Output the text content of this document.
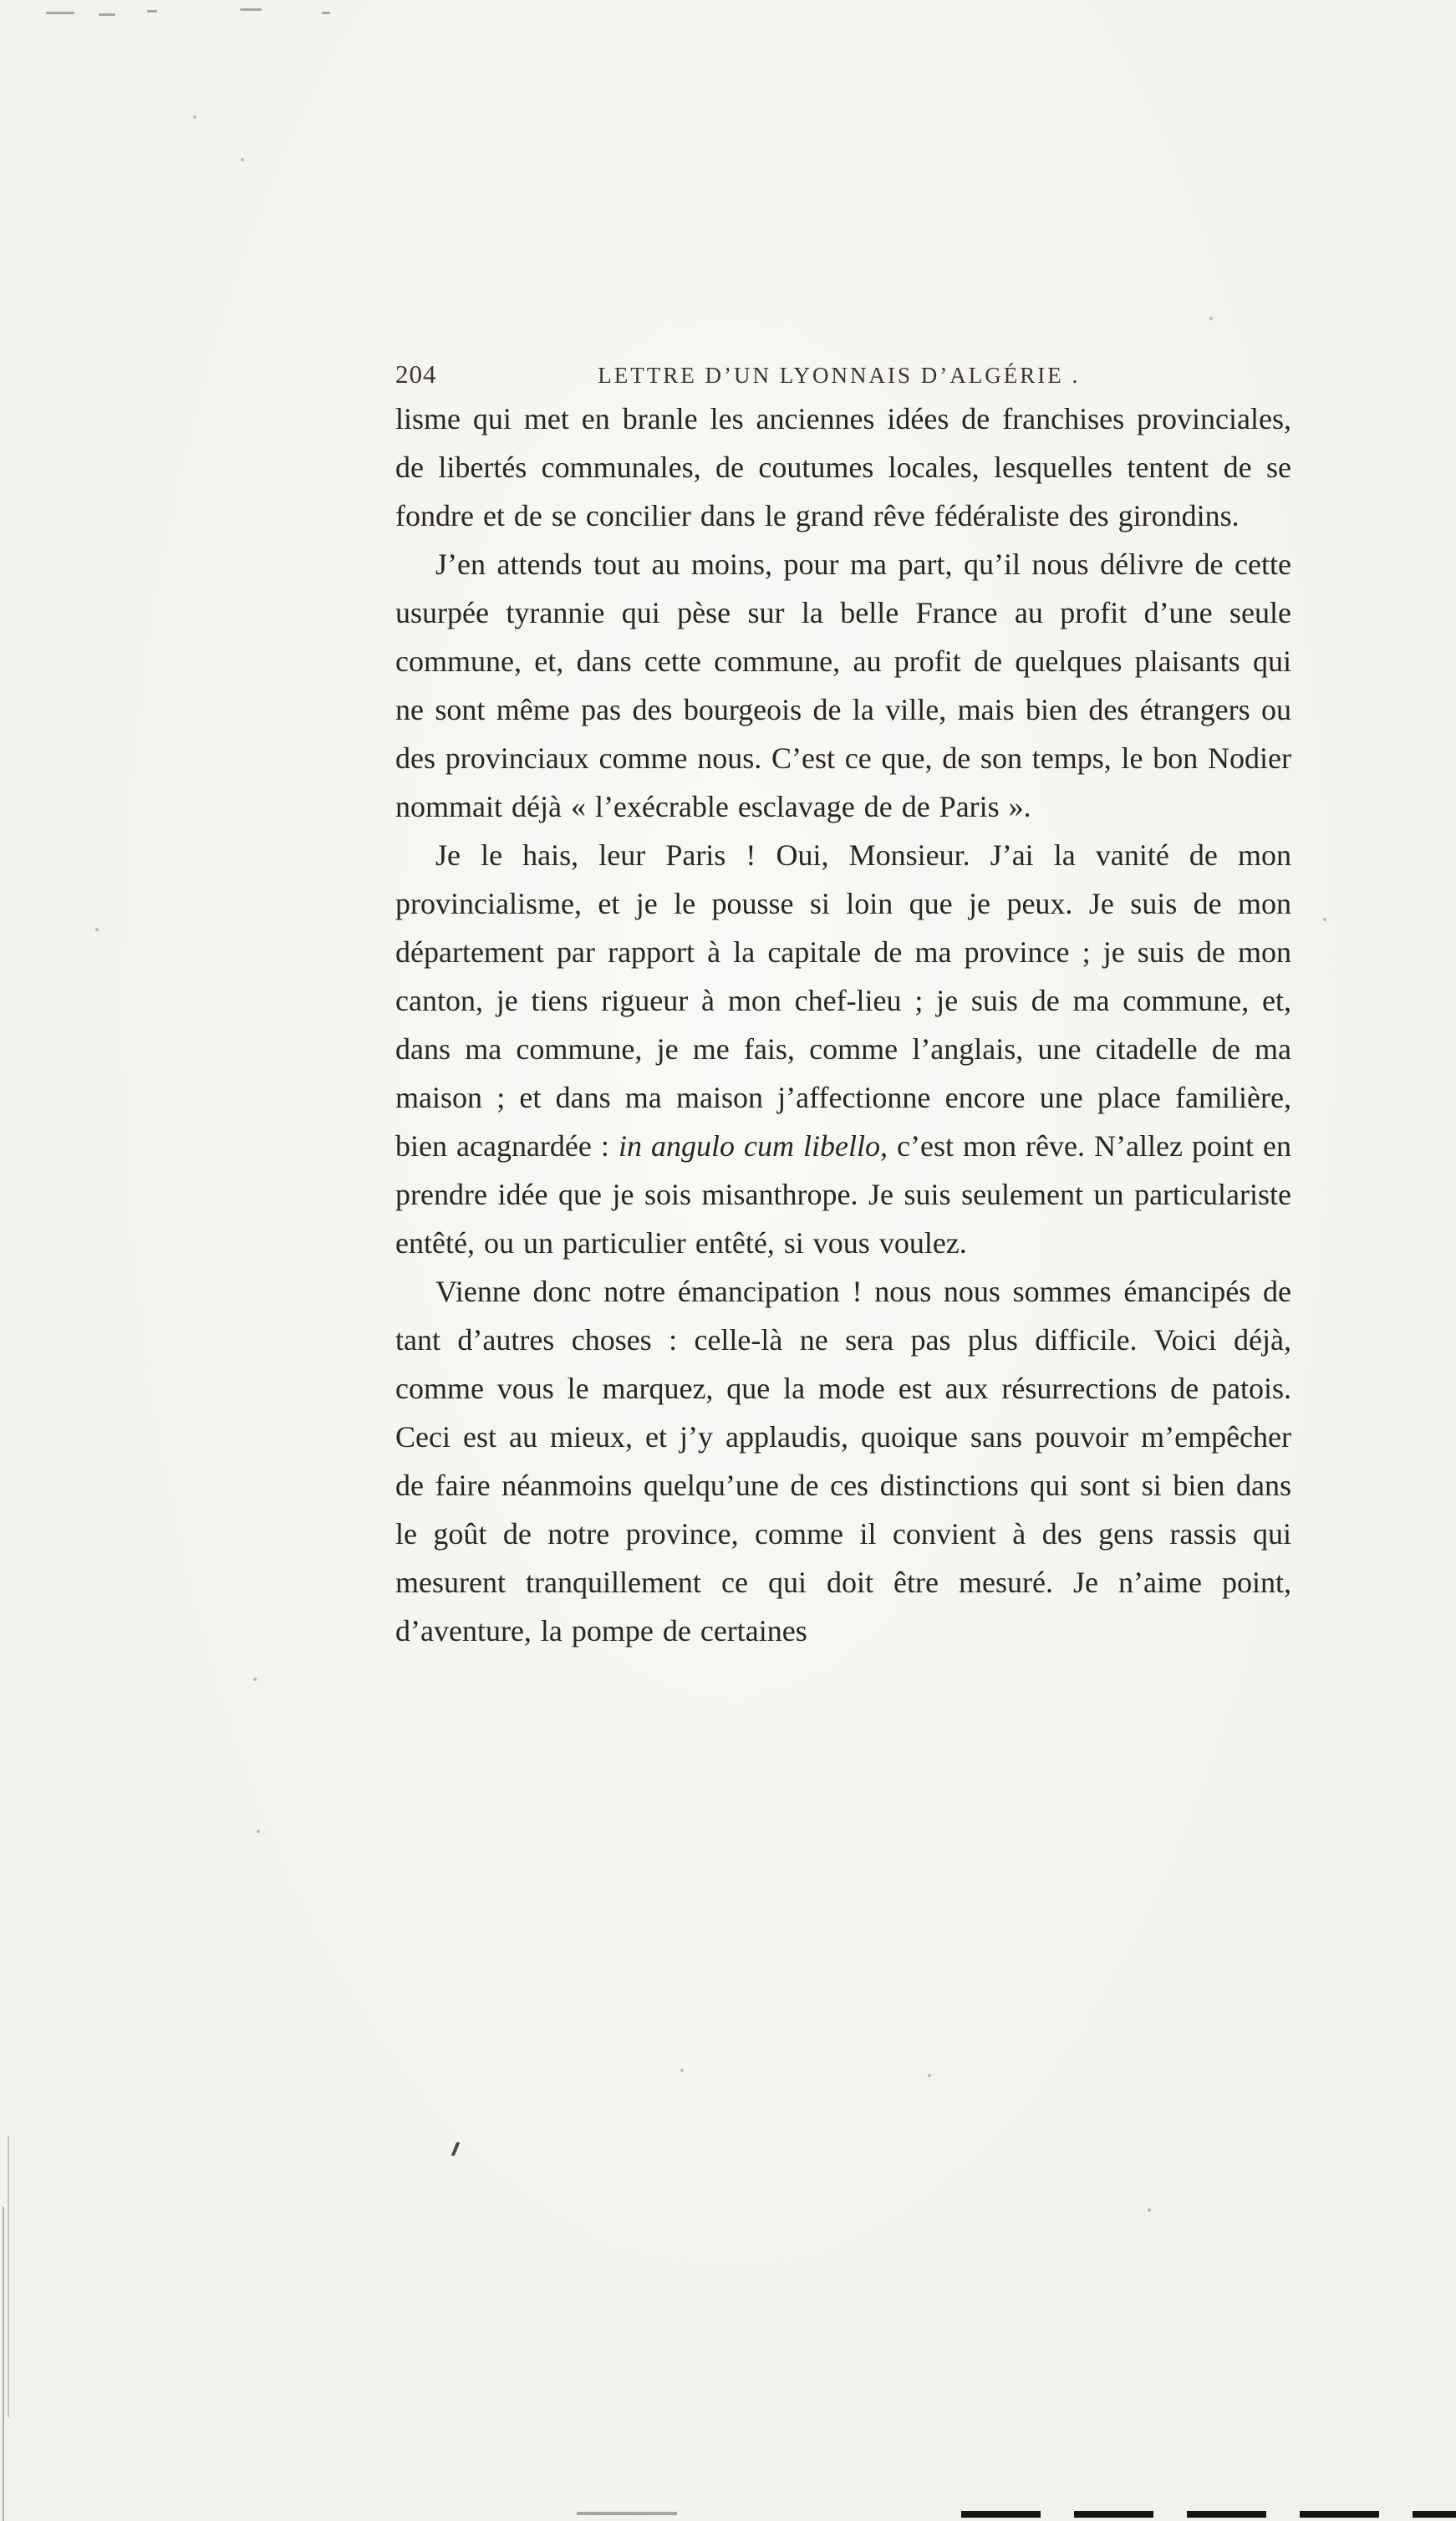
204	LETTRE D’UN LYONNAIS D’ALGÉRIE .

lisme qui met en branle les anciennes idées de franchises provinciales, de libertés communales, de coutumes locales, lesquelles tentent de se fondre et de se concilier dans le grand rêve fédéraliste des girondins.

J’en attends tout au moins, pour ma part, qu’il nous délivre de cette usurpée tyrannie qui pèse sur la belle France au profit d’une seule commune, et, dans cette commune, au profit de quelques plaisants qui ne sont même pas des bourgeois de la ville, mais bien des étrangers ou des provinciaux comme nous. C’est ce que, de son temps, le bon Nodier nommait déjà « l’exécrable esclavage de de Paris ».

Je le hais, leur Paris ! Oui, Monsieur. J’ai la vanité de mon provincialisme, et je le pousse si loin que je peux. Je suis de mon département par rapport à la capitale de ma province ; je suis de mon canton, je tiens rigueur à mon chef-lieu ; je suis de ma commune, et, dans ma commune, je me fais, comme l’anglais, une citadelle de ma maison ; et dans ma maison j’affectionne encore une place familière, bien acagnardée : in angulo cum libello, c’est mon rêve. N’allez point en prendre idée que je sois misanthrope. Je suis seulement un particulariste entêté, ou un particulier entêté, si vous voulez.

Vienne donc notre émancipation ! nous nous sommes émancipés de tant d’autres choses : celle-là ne sera pas plus difficile. Voici déjà, comme vous le marquez, que la mode est aux résurrections de patois. Ceci est au mieux, et j’y applaudis, quoique sans pouvoir m’empêcher de faire néanmoins quelqu’une de ces distinctions qui sont si bien dans le goût de notre province, comme il convient à des gens rassis qui mesurent tranquillement ce qui doit être mesuré. Je n’aime point, d’aventure, la pompe de certaines
